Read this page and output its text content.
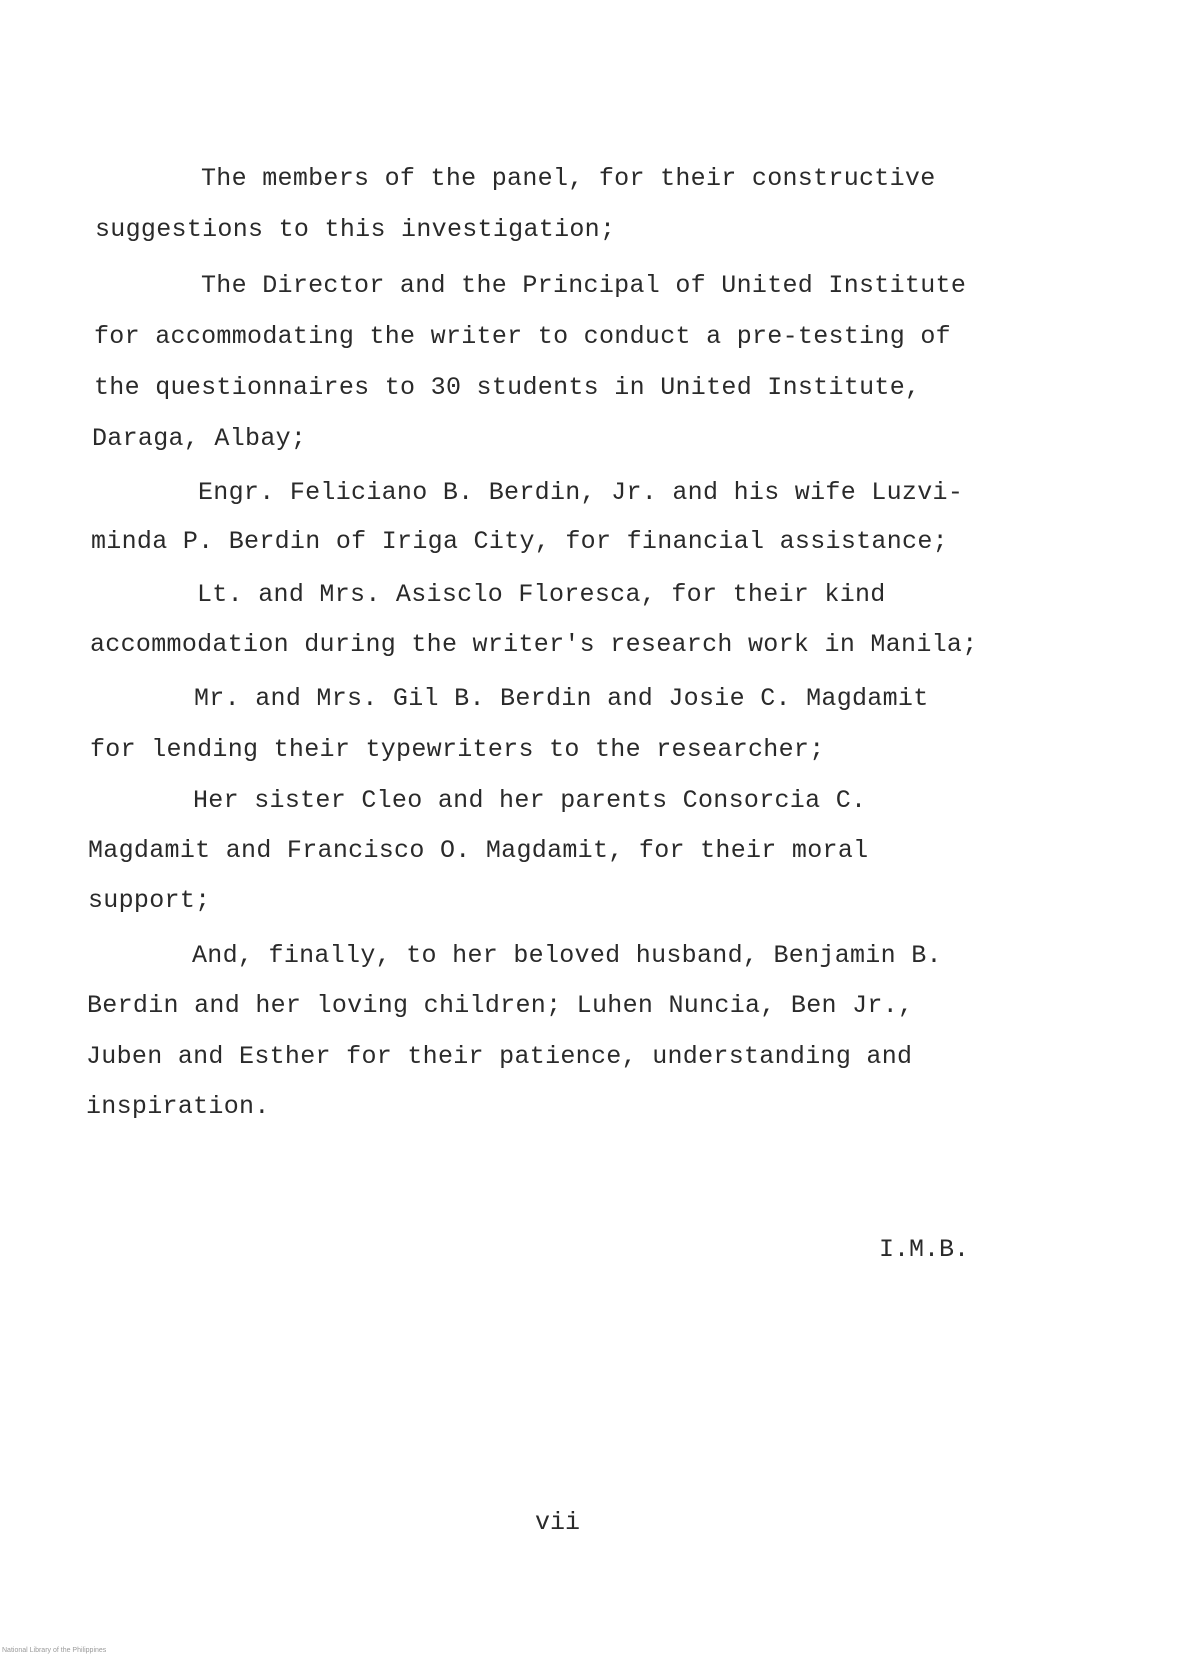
The members of the panel, for their constructive
suggestions to this investigation;
The Director and the Principal of United Institute
for accommodating the writer to conduct a pre-testing of
the questionnaires to 30 students in United Institute,
Daraga, Albay;
Engr. Feliciano B. Berdin, Jr. and his wife Luzvi-
minda P. Berdin of Iriga City, for financial assistance;
Lt. and Mrs. Asisclo Floresca, for their kind
accommodation during the writer's research work in Manila;
Mr. and Mrs. Gil B. Berdin and Josie C. Magdamit
for lending their typewriters to the researcher;
Her sister Cleo and her parents Consorcia C.
Magdamit and Francisco O. Magdamit, for their moral
support;
And, finally, to her beloved husband, Benjamin B.
Berdin and her loving children; Luhen Nuncia, Ben Jr.,
Juben and Esther for their patience, understanding and
inspiration.
I.M.B.
vii
National Library of the Philippines
